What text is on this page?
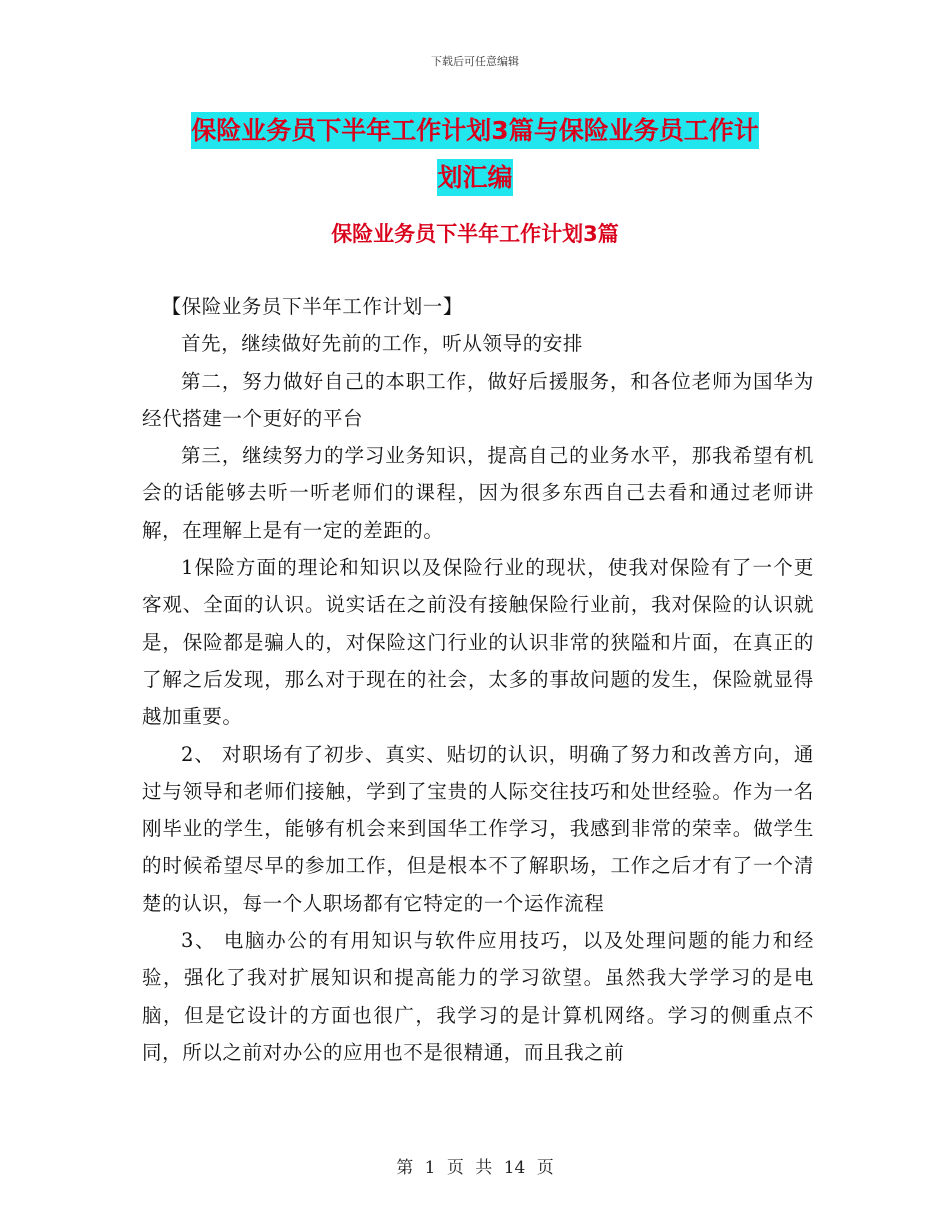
下载后可任意编辑
保险业务员下半年工作计划3篇与保险业务员工作计
划汇编
保险业务员下半年工作计划3篇

【保险业务员下半年工作计划一】

首先，继续做好先前的工作，听从领导的安排

第二，努力做好自己的本职工作，做好后援服务，和各位老师为国华为经代搭建一个更好的平台

第三，继续努力的学习业务知识，提高自己的业务水平，那我希望有机会的话能够去听一听老师们的课程，因为很多东西自己去看和通过老师讲解，在理解上是有一定的差距的。

1保险方面的理论和知识以及保险行业的现状，使我对保险有了一个更客观、全面的认识。说实话在之前没有接触保险行业前，我对保险的认识就是，保险都是骗人的，对保险这门行业的认识非常的狭隘和片面，在真正的了解之后发现，那么对于现在的社会，太多的事故问题的发生，保险就显得越加重要。

2、 对职场有了初步、真实、贴切的认识，明确了努力和改善方向，通过与领导和老师们接触，学到了宝贵的人际交往技巧和处世经验。作为一名刚毕业的学生，能够有机会来到国华工作学习，我感到非常的荣幸。做学生的时候希望尽早的参加工作，但是根本不了解职场，工作之后才有了一个清楚的认识，每一个人职场都有它特定的一个运作流程

3、 电脑办公的有用知识与软件应用技巧，以及处理问题的能力和经验，强化了我对扩展知识和提高能力的学习欲望。虽然我大学学习的是电脑，但是它设计的方面也很广，我学习的是计算机网络。学习的侧重点不同，所以之前对办公的应用也不是很精通，而且我之前

第 1 页 共 14 页
